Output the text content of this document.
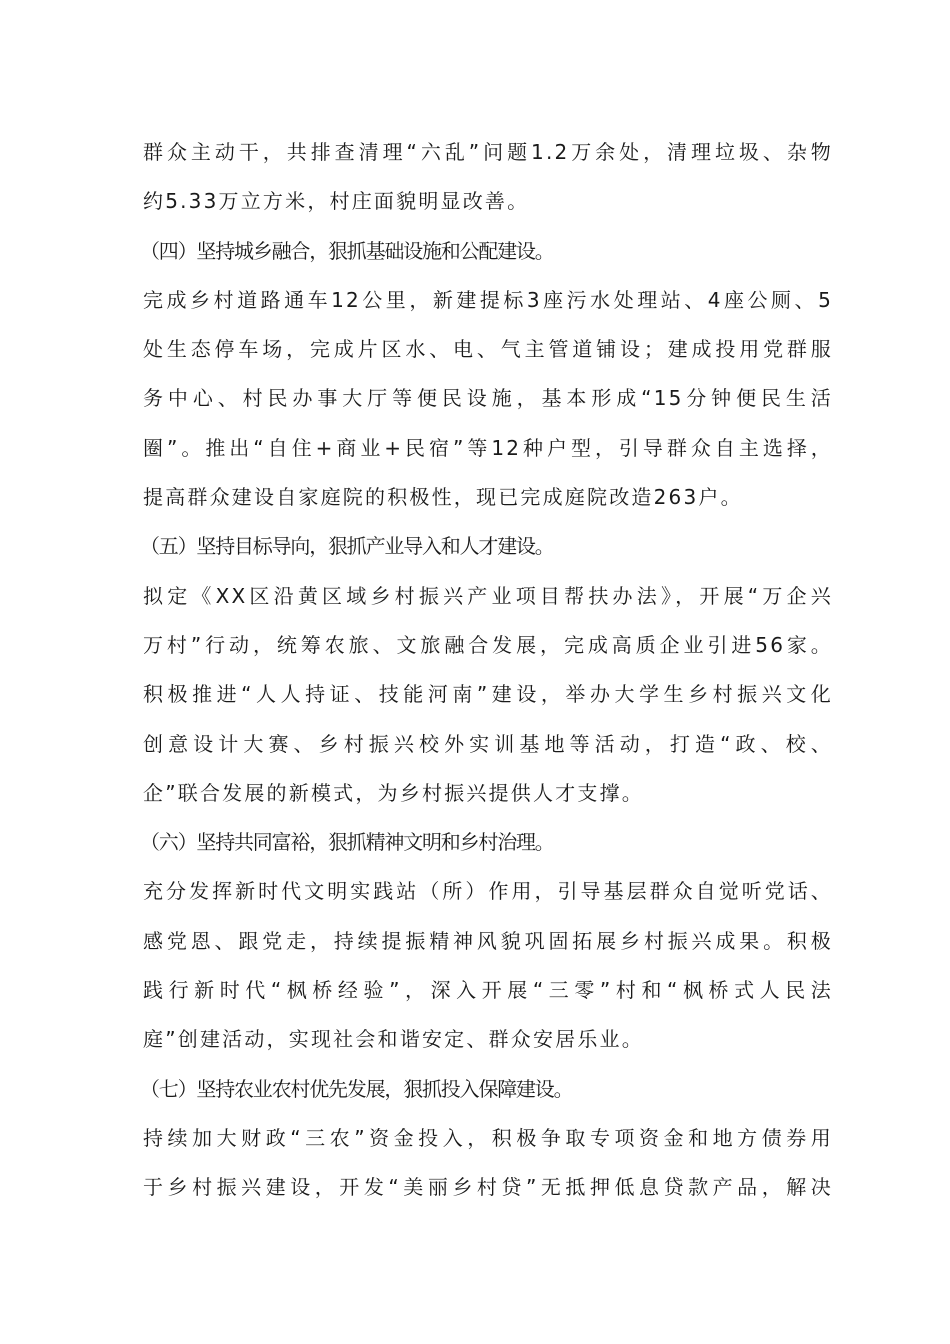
群众主动干，共排查清理“六乱”问题1.2万余处，清理垃圾、杂物
约5.33万立方米，村庄面貌明显改善。
（四）坚持城乡融合，狠抓基础设施和公配建设。
完成乡村道路通车12公里，新建提标3座污水处理站、4座公厕、5
处生态停车场，完成片区水、电、气主管道铺设；建成投用党群服
务中心、村民办事大厅等便民设施，基本形成“15分钟便民生活
圈”。推出“自住+商业+民宿”等12种户型，引导群众自主选择，
提高群众建设自家庭院的积极性，现已完成庭院改造263户。
（五）坚持目标导向，狠抓产业导入和人才建设。
拟定《XX区沿黄区域乡村振兴产业项目帮扶办法》，开展“万企兴
万村”行动，统筹农旅、文旅融合发展，完成高质企业引进56家。
积极推进“人人持证、技能河南”建设，举办大学生乡村振兴文化
创意设计大赛、乡村振兴校外实训基地等活动，打造“政、校、
企”联合发展的新模式，为乡村振兴提供人才支撑。
（六）坚持共同富裕，狠抓精神文明和乡村治理。
充分发挥新时代文明实践站（所）作用，引导基层群众自觉听党话、
感党恩、跟党走，持续提振精神风貌巩固拓展乡村振兴成果。积极
践行新时代“枫桥经验”，深入开展“三零”村和“枫桥式人民法
庭”创建活动，实现社会和谐安定、群众安居乐业。
（七）坚持农业农村优先发展，狠抓投入保障建设。
持续加大财政“三农”资金投入，积极争取专项资金和地方债券用
于乡村振兴建设，开发“美丽乡村贷”无抵押低息贷款产品，解决
